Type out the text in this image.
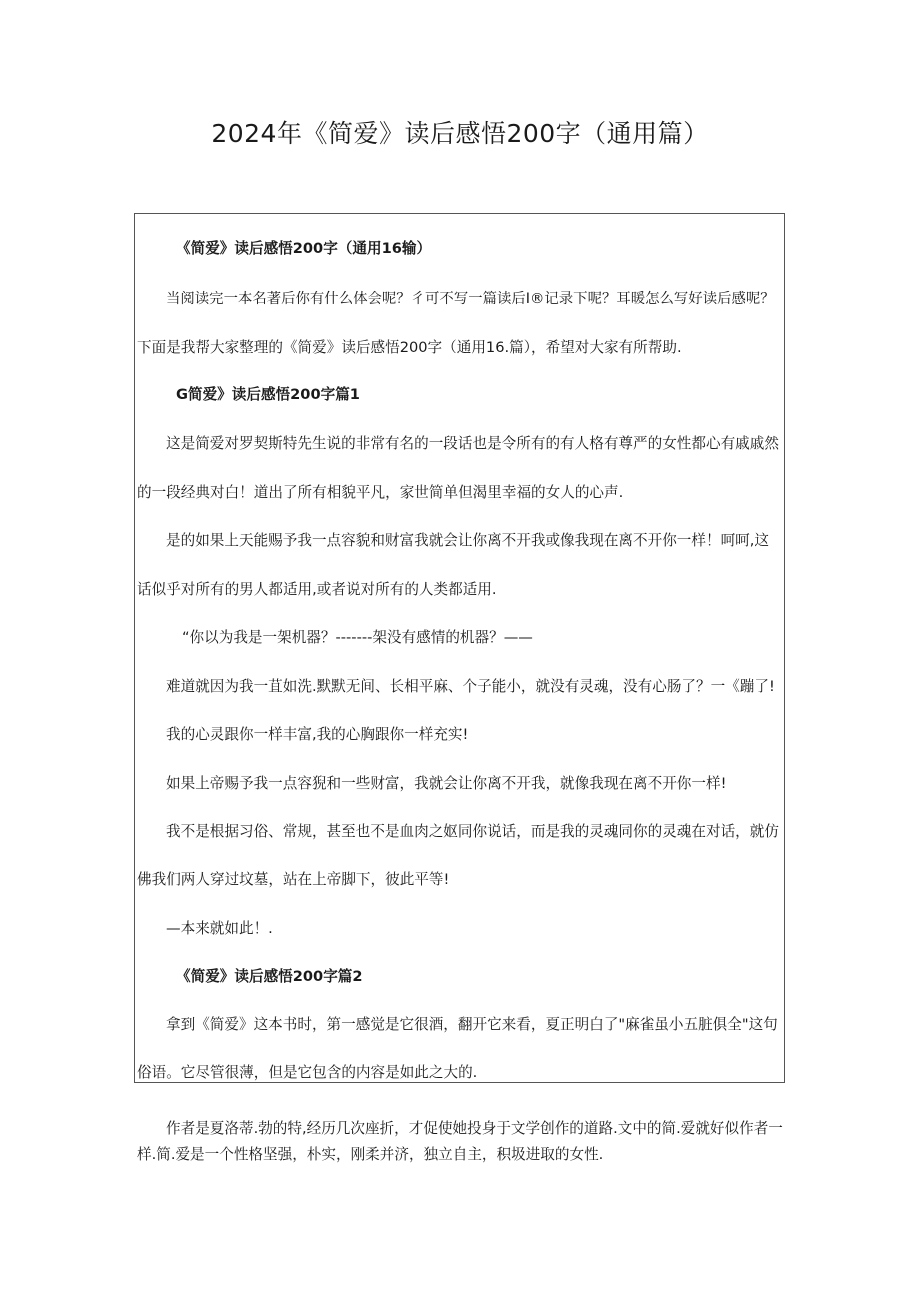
2024年《简爱》读后感悟200字（通用篇）
《简爱》读后感悟200字（通用16输）
当阅读完一本名著后你有什么体会呢？彳可不写一篇读后I®记录下呢？耳暖怎么写好读后感呢？
下面是我帮大家整理的《简爱》读后感悟200字（通用16.篇），希望对大家有所帮助.
G简爱》读后感悟200字篇1
这是简爱对罗契斯特先生说的非常有名的一段话也是令所有的有人格有尊严的女性都心有戚戚然
的一段经典对白！道出了所有相貌平凡，家世简单但渴里幸福的女人的心声.
是的如果上天能赐予我一点容貌和财富我就会让你离不开我或像我现在离不开你一样！呵呵,这
话似乎对所有的男人都适用,或者说对所有的人类都适用.
“你以为我是一架机器？-------架没有感情的机器？——
难道就因为我一苴如洗.默默无间、长相平麻、个子能小，就没有灵魂，没有心肠了？一《蹦了!
我的心灵跟你一样丰富,我的心胸跟你一样充实!
如果上帝赐予我一点容猊和一些财富，我就会让你离不开我，就像我现在离不开你一样!
我不是根据习俗、常规，甚至也不是血肉之妪同你说话，而是我的灵魂同你的灵魂在对话，就仿
佛我们两人穿过坟墓，站在上帝脚下，彼此平等!
—本来就如此！.
《简爱》读后感悟200字篇2
拿到《简爱》这本书时，第一感觉是它很酒，翻开它来看，夏正明白了"麻雀虽小五脏俱全"这句
俗语。它尽管很薄，但是它包含的内容是如此之大的.
作者是夏洛蒂.勃的特,经历几次座折，才促使她投身于文学创作的道路.文中的简.爱就好似作者一
样.简.爱是一个性格坚强，朴实，刚柔并济，独立自主，积圾进取的女性.
